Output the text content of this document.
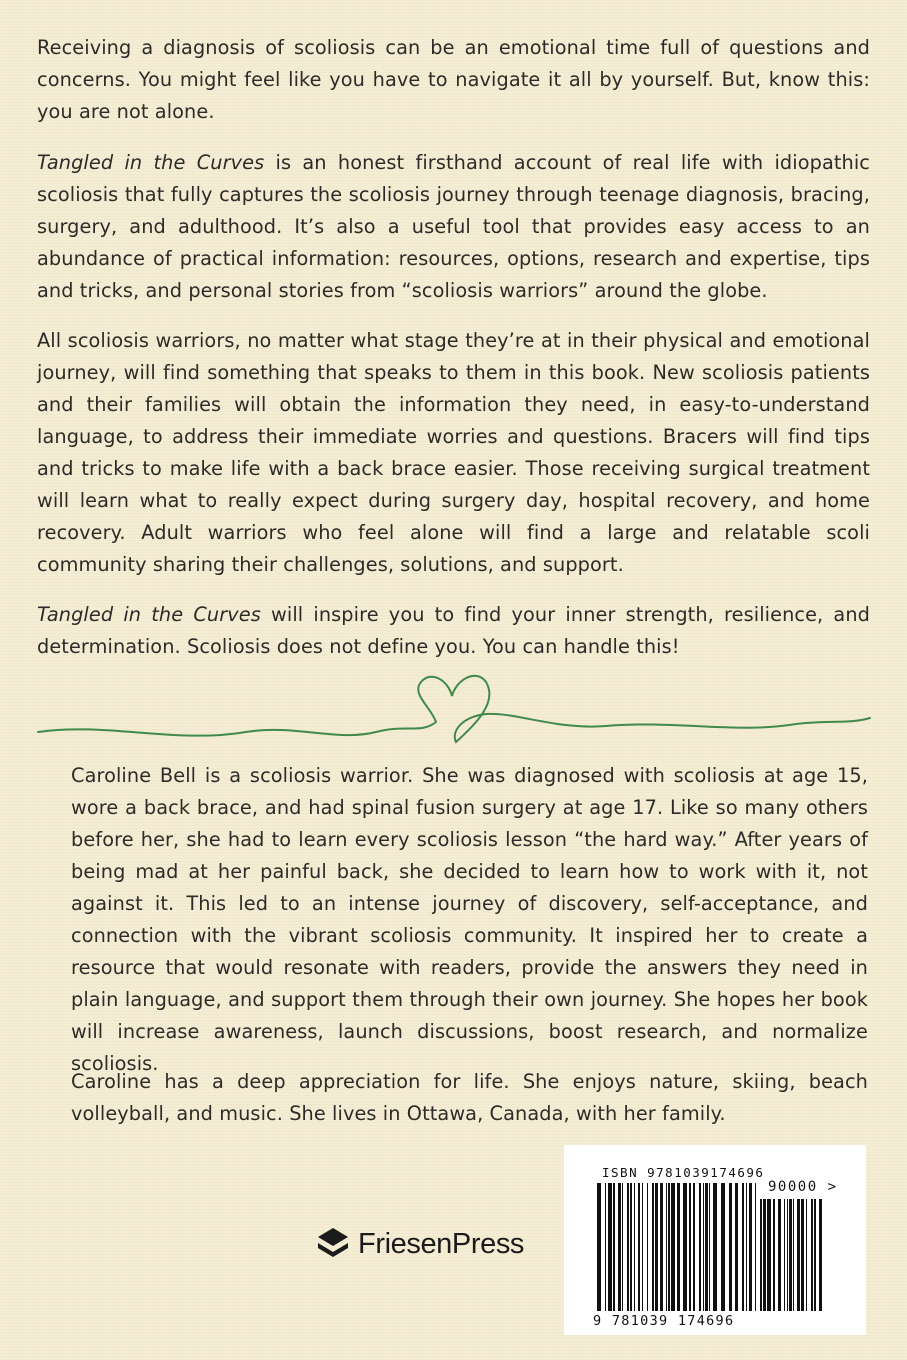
Receiving a diagnosis of scoliosis can be an emotional time full of questions and concerns. You might feel like you have to navigate it all by yourself. But, know this: you are not alone.

Tangled in the Curves is an honest firsthand account of real life with idiopathic scoliosis that fully captures the scoliosis journey through teenage diagnosis, bracing, surgery, and adulthood. It’s also a useful tool that provides easy access to an abundance of practical information: resources, options, research and expertise, tips and tricks, and personal stories from “scoliosis warriors” around the globe.

All scoliosis warriors, no matter what stage they’re at in their physical and emotional journey, will find something that speaks to them in this book. New scoliosis patients and their families will obtain the information they need, in easy-to-understand language, to address their immediate worries and questions. Bracers will find tips and tricks to make life with a back brace easier. Those receiving surgical treatment will learn what to really expect during surgery day, hospital recovery, and home recovery. Adult warriors who feel alone will find a large and relatable scoli community sharing their challenges, solutions, and support.

Tangled in the Curves will inspire you to find your inner strength, resilience, and determination. Scoliosis does not define you. You can handle this!

Caroline Bell is a scoliosis warrior. She was diagnosed with scoliosis at age 15, wore a back brace, and had spinal fusion surgery at age 17. Like so many others before her, she had to learn every scoliosis lesson “the hard way.” After years of being mad at her painful back, she decided to learn how to work with it, not against it. This led to an intense journey of discovery, self-acceptance, and connection with the vibrant scoliosis community. It inspired her to create a resource that would resonate with readers, provide the answers they need in plain language, and support them through their own journey. She hopes her book will increase awareness, launch discussions, boost research, and normalize scoliosis.

Caroline has a deep appreciation for life. She enjoys nature, skiing, beach volleyball, and music. She lives in Ottawa, Canada, with her family.

FriesenPress
ISBN 9781039174696
90000 >
9 781039 174696
